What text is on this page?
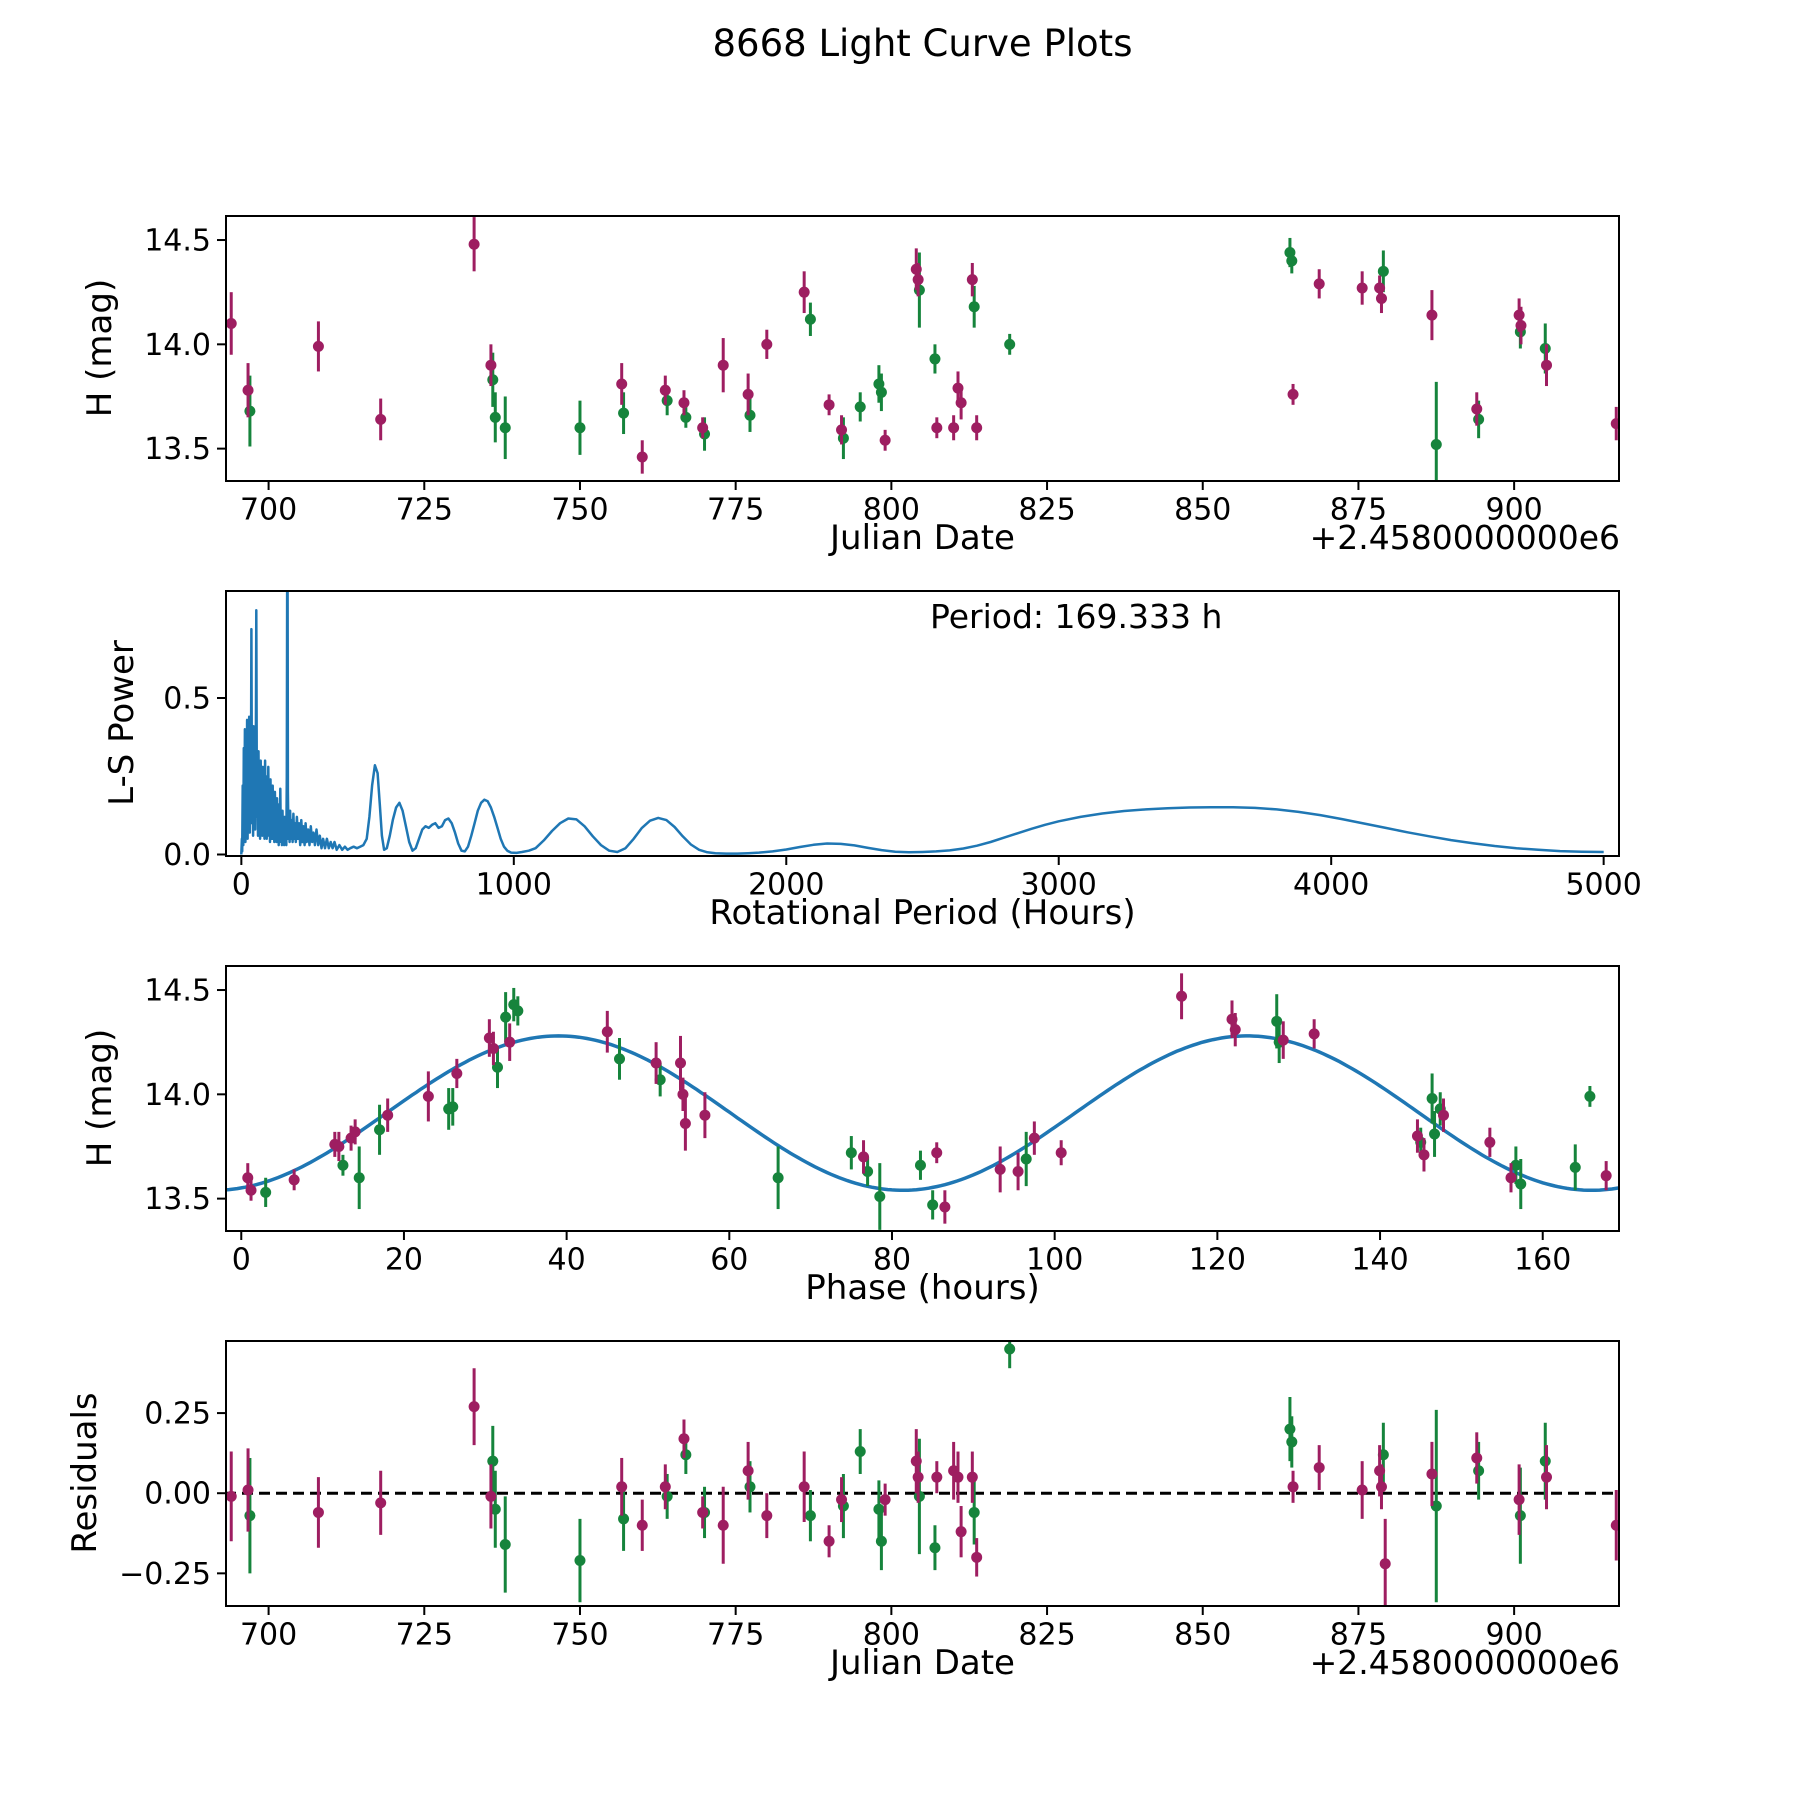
8668 Light Curve Plots
H (mag)
700	725	750	775	800	825	850	875	900
13.5
14.0
14.5
Julian Date	+2.4580000000e6
L-S Power
0	1000	2000	3000	4000	5000
0.0
0.5
Period: 169.333 h
Rotational Period (Hours)
H (mag)
0	20	40	60	80	100	120	140	160
13.5
14.0
14.5
Phase (hours)
Residuals
700	725	750	775	800	825	850	875	900
−0.25
0.00
0.25
Julian Date	+2.4580000000e6
